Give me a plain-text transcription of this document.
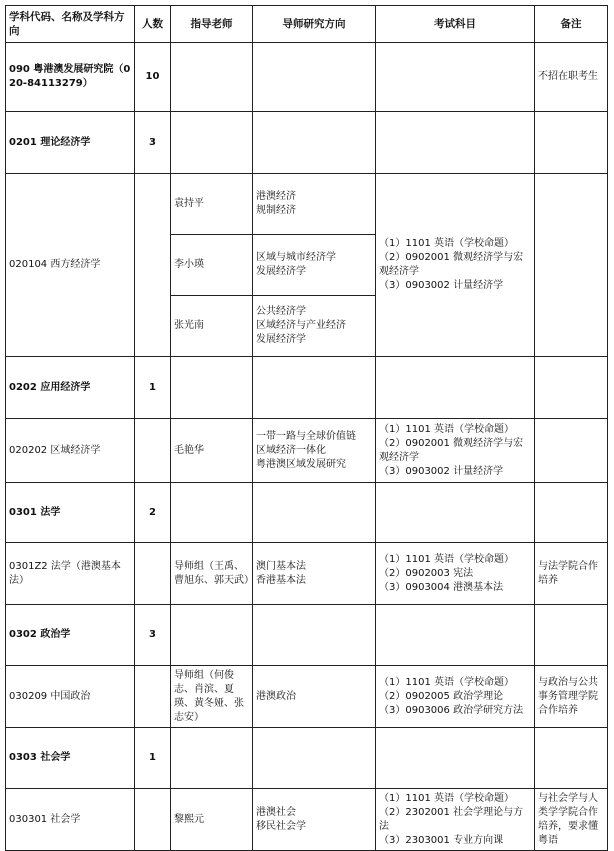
学科代码、名称及学科方向	人数	指导老师	导师研究方向	考试科目	备注
090 粤港澳发展研究院（020-84113279）	10				不招在职考生
0201 理论经济学	3				
020104 西方经济学		袁持平	港澳经济
规制经济	（1）1101 英语（学校命题）
（2）0902001 微观经济学与宏观经济学
（3）0903002 计量经济学	

		李小瑛	区域与城市经济学
发展经济学		

		张光南	公共经济学
区域经济与产业经济
发展经济学		

0202 应用经济学	1				
020202 区域经济学		毛艳华	一带一路与全球价值链
区域经济一体化
粤港澳区域发展研究	（1）1101 英语（学校命题）
（2）0902001 微观经济学与宏观经济学
（3）0903002 计量经济学	

0301 法学	2				
0301Z2 法学（港澳基本法）		导师组（王禹、曹旭东、郭天武）	澳门基本法
香港基本法	（1）1101 英语（学校命题）
（2）0902003 宪法
（3）0903004 港澳基本法	与法学院合作培养
0302 政治学	3				
030209 中国政治		导师组（何俊志、肖滨、夏瑛、黄冬娅、张志安）	港澳政治	（1）1101 英语（学校命题）
（2）0902005 政治学理论
（3）0903006 政治学研究方法	与政治与公共事务管理学院合作培养
0303 社会学	1				
030301 社会学		黎熙元	港澳社会
移民社会学	（1）1101 英语（学校命题）
（2）2302001 社会学理论与方法
（3）2303001 专业方向课	与社会学与人类学学院合作培养，要求懂粤语
